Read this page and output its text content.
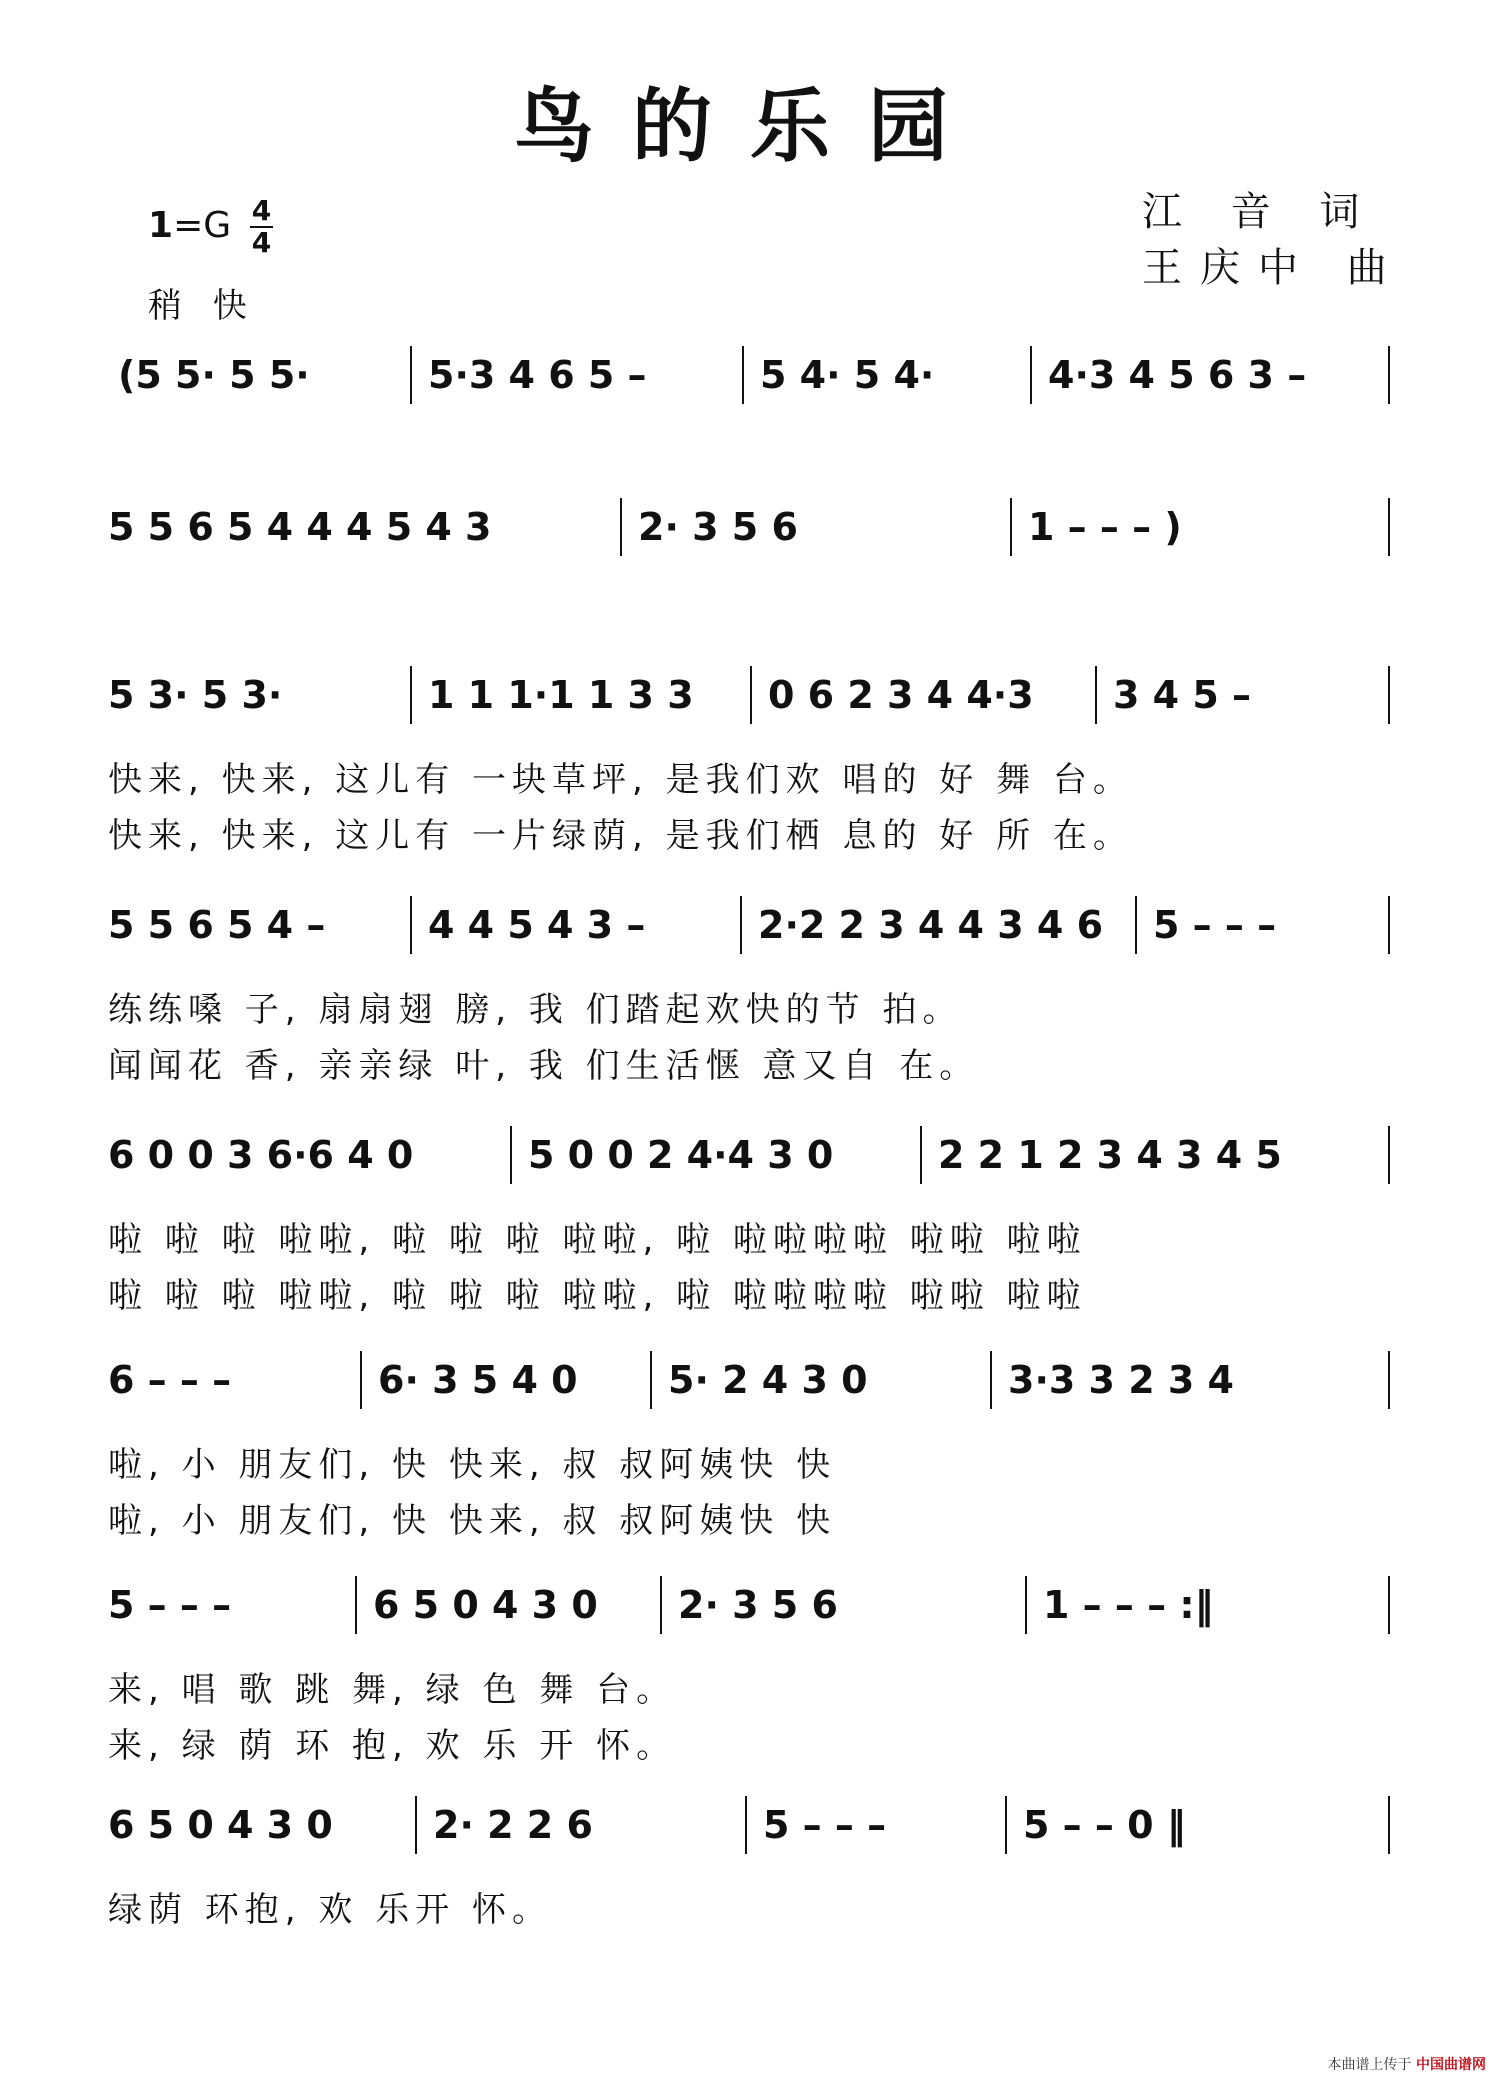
鸟的乐园
江 音 词
王庆中 曲
$1=G \frac{4}{4}$
稍 快
(5 5· 5 5·	5·3 4 6 5 –	5 4· 5 4·	4·3 4 5 6 3 –
5 5 6 5 4 4 4 5 4 3	2· 3 5 6	1 – – – )
5 3· 5 3·	1 1 1·1 1 3 3 0 6 2 3 4 4·3 3 4 5 –
快来, 快来, 这儿有 一块草坪, 是我们欢 唱的 好 舞 台。
快来, 快来, 这儿有 一片绿荫, 是我们栖 息的 好 所 在。
5 5 6 5 4 –	4 4 5 4 3 –	2·2 2 3 4 4 3 4 6 5 – – –
练练嗓 子, 扇扇翅 膀, 我 们踏起欢快的节 拍。
闻闻花 香, 亲亲绿 叶, 我 们生活惬 意又自 在。
6 0 0 3 6·6 4 0	5 0 0 2 4·4 3 0	2 2 1 2 3 4 3 4 5
啦 啦 啦 啦啦, 啦 啦 啦 啦啦, 啦 啦啦啦啦 啦啦 啦啦
啦 啦 啦 啦啦, 啦 啦 啦 啦啦, 啦 啦啦啦啦 啦啦 啦啦
6 – – –	6· 3 5 4 0 5· 2 4 3 0	3·3 3 2 3 4
啦, 小 朋友们, 快 快来, 叔 叔阿姨快 快
啦, 小 朋友们, 快 快来, 叔 叔阿姨快 快
5 – – –	6 5 0 4 3 0 2· 3 5 6	1 – – – :‖
来, 唱 歌 跳 舞, 绿 色 舞 台。
来, 绿 荫 环 抱, 欢 乐 开 怀。
6 5 0 4 3 0	2· 2 2 6	5 – – –	5 – – 0 ‖
绿荫 环抱, 欢 乐开 怀。
本曲谱上传于 中国曲谱网
